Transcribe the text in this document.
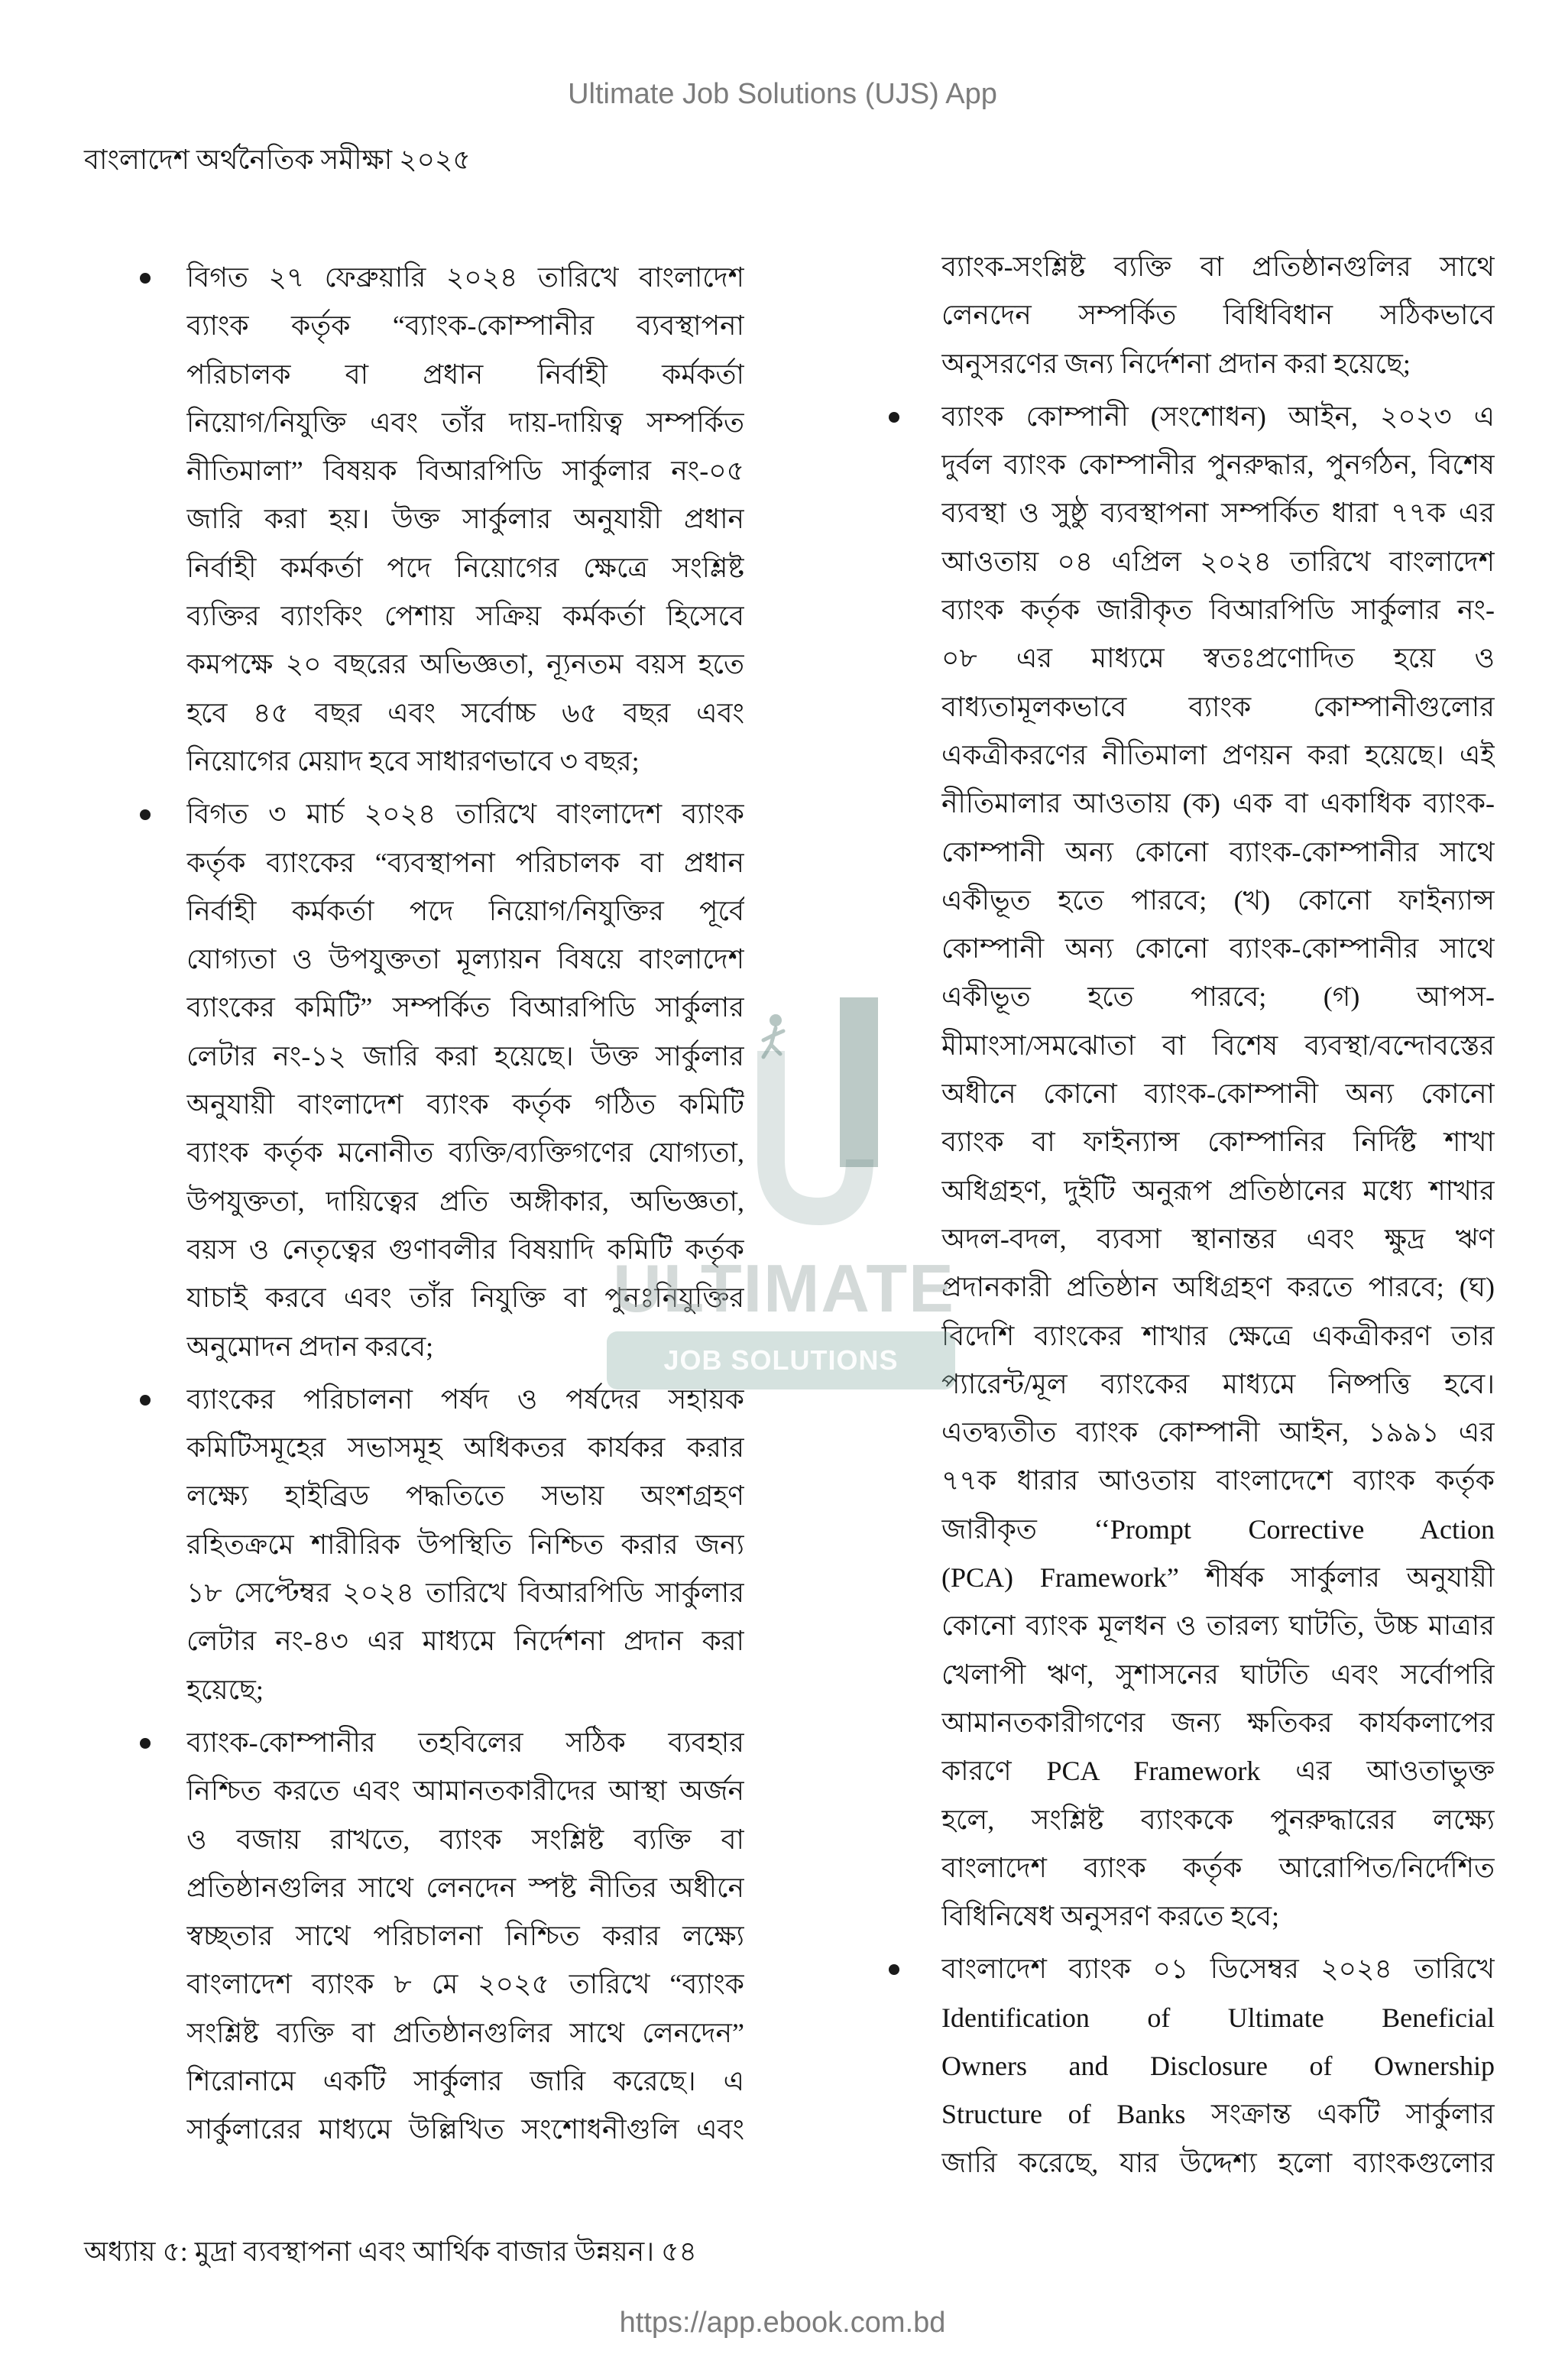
Ultimate Job Solutions (UJS) App
বাংলাদেশ অর্থনৈতিক সমীক্ষা ২০২৫
বিগত ২৭ ফেব্রুয়ারি ২০২৪ তারিখে বাংলাদেশ
ব্যাংক কর্তৃক “ব্যাংক-কোম্পানীর ব্যবস্থাপনা
পরিচালক বা প্রধান নির্বাহী কর্মকর্তা
নিয়োগ/নিযুক্তি এবং তাঁর দায়-দায়িত্ব সম্পর্কিত
নীতিমালা” বিষয়ক বিআরপিডি সার্কুলার নং-০৫
জারি করা হয়। উক্ত সার্কুলার অনুযায়ী প্রধান
নির্বাহী কর্মকর্তা পদে নিয়োগের ক্ষেত্রে সংশ্লিষ্ট
ব্যক্তির ব্যাংকিং পেশায় সক্রিয় কর্মকর্তা হিসেবে
কমপক্ষে ২০ বছরের অভিজ্ঞতা, ন্যূনতম বয়স হতে
হবে ৪৫ বছর এবং সর্বোচ্চ ৬৫ বছর এবং
নিয়োগের মেয়াদ হবে সাধারণভাবে ৩ বছর;
বিগত ৩ মার্চ ২০২৪ তারিখে বাংলাদেশ ব্যাংক
কর্তৃক ব্যাংকের “ব্যবস্থাপনা পরিচালক বা প্রধান
নির্বাহী কর্মকর্তা পদে নিয়োগ/নিযুক্তির পূর্বে
যোগ্যতা ও উপযুক্ততা মূল্যায়ন বিষয়ে বাংলাদেশ
ব্যাংকের কমিটি” সম্পর্কিত বিআরপিডি সার্কুলার
লেটার নং-১২ জারি করা হয়েছে। উক্ত সার্কুলার
অনুযায়ী বাংলাদেশ ব্যাংক কর্তৃক গঠিত কমিটি
ব্যাংক কর্তৃক মনোনীত ব্যক্তি/ব্যক্তিগণের যোগ্যতা,
উপযুক্ততা, দায়িত্বের প্রতি অঙ্গীকার, অভিজ্ঞতা,
বয়স ও নেতৃত্বের গুণাবলীর বিষয়াদি কমিটি কর্তৃক
যাচাই করবে এবং তাঁর নিযুক্তি বা পুনঃনিযুক্তির
অনুমোদন প্রদান করবে;
ব্যাংকের পরিচালনা পর্ষদ ও পর্ষদের সহায়ক
কমিটিসমূহের সভাসমূহ অধিকতর কার্যকর করার
লক্ষ্যে হাইব্রিড পদ্ধতিতে সভায় অংশগ্রহণ
রহিতক্রমে শারীরিক উপস্থিতি নিশ্চিত করার জন্য
১৮ সেপ্টেম্বর ২০২৪ তারিখে বিআরপিডি সার্কুলার
লেটার নং-৪৩ এর মাধ্যমে নির্দেশনা প্রদান করা
হয়েছে;
ব্যাংক-কোম্পানীর তহবিলের সঠিক ব্যবহার
নিশ্চিত করতে এবং আমানতকারীদের আস্থা অর্জন
ও বজায় রাখতে, ব্যাংক সংশ্লিষ্ট ব্যক্তি বা
প্রতিষ্ঠানগুলির সাথে লেনদেন স্পষ্ট নীতির অধীনে
স্বচ্ছতার সাথে পরিচালনা নিশ্চিত করার লক্ষ্যে
বাংলাদেশ ব্যাংক ৮ মে ২০২৫ তারিখে “ব্যাংক
সংশ্লিষ্ট ব্যক্তি বা প্রতিষ্ঠানগুলির সাথে লেনদেন”
শিরোনামে একটি সার্কুলার জারি করেছে। এ
সার্কুলারের মাধ্যমে উল্লিখিত সংশোধনীগুলি এবং
ব্যাংক-সংশ্লিষ্ট ব্যক্তি বা প্রতিষ্ঠানগুলির সাথে
লেনদেন সম্পর্কিত বিধিবিধান সঠিকভাবে
অনুসরণের জন্য নির্দেশনা প্রদান করা হয়েছে;
ব্যাংক কোম্পানী (সংশোধন) আইন, ২০২৩ এ
দুর্বল ব্যাংক কোম্পানীর পুনরুদ্ধার, পুনর্গঠন, বিশেষ
ব্যবস্থা ও সুষ্ঠু ব্যবস্থাপনা সম্পর্কিত ধারা ৭৭ক এর
আওতায় ০৪ এপ্রিল ২০২৪ তারিখে বাংলাদেশ
ব্যাংক কর্তৃক জারীকৃত বিআরপিডি সার্কুলার নং-
০৮ এর মাধ্যমে স্বতঃপ্রণোদিত হয়ে ও
বাধ্যতামূলকভাবে ব্যাংক কোম্পানীগুলোর
একত্রীকরণের নীতিমালা প্রণয়ন করা হয়েছে। এই
নীতিমালার আওতায় (ক) এক বা একাধিক ব্যাংক-
কোম্পানী অন্য কোনো ব্যাংক-কোম্পানীর সাথে
একীভূত হতে পারবে; (খ) কোনো ফাইন্যান্স
কোম্পানী অন্য কোনো ব্যাংক-কোম্পানীর সাথে
একীভূত হতে পারবে; (গ) আপস-
মীমাংসা/সমঝোতা বা বিশেষ ব্যবস্থা/বন্দোবস্তের
অধীনে কোনো ব্যাংক-কোম্পানী অন্য কোনো
ব্যাংক বা ফাইন্যান্স কোম্পানির নির্দিষ্ট শাখা
অধিগ্রহণ, দুইটি অনুরূপ প্রতিষ্ঠানের মধ্যে শাখার
অদল-বদল, ব্যবসা স্থানান্তর এবং ক্ষুদ্র ঋণ
প্রদানকারী প্রতিষ্ঠান অধিগ্রহণ করতে পারবে; (ঘ)
বিদেশি ব্যাংকের শাখার ক্ষেত্রে একত্রীকরণ তার
প্যারেন্ট/মূল ব্যাংকের মাধ্যমে নিষ্পত্তি হবে।
এতদ্ব্যতীত ব্যাংক কোম্পানী আইন, ১৯৯১ এর
৭৭ক ধারার আওতায় বাংলাদেশে ব্যাংক কর্তৃক
জারীকৃত ‘‘Prompt Corrective Action
(PCA) Framework” শীর্ষক সার্কুলার অনুযায়ী
কোনো ব্যাংক মূলধন ও তারল্য ঘাটতি, উচ্চ মাত্রার
খেলাপী ঋণ, সুশাসনের ঘাটতি এবং সর্বোপরি
আমানতকারীগণের জন্য ক্ষতিকর কার্যকলাপের
কারণে PCA Framework এর আওতাভুক্ত
হলে, সংশ্লিষ্ট ব্যাংককে পুনরুদ্ধারের লক্ষ্যে
বাংলাদেশ ব্যাংক কর্তৃক আরোপিত/নির্দেশিত
বিধিনিষেধ অনুসরণ করতে হবে;
বাংলাদেশ ব্যাংক ০১ ডিসেম্বর ২০২৪ তারিখে
Identification of Ultimate Beneficial
Owners and Disclosure of Ownership
Structure of Banks সংক্রান্ত একটি সার্কুলার
জারি করেছে, যার উদ্দেশ্য হলো ব্যাংকগুলোর
অধ্যায় ৫: মুদ্রা ব্যবস্থাপনা এবং আর্থিক বাজার উন্নয়ন। ৫৪
https://app.ebook.com.bd
ULTIMATE
JOB SOLUTIONS
